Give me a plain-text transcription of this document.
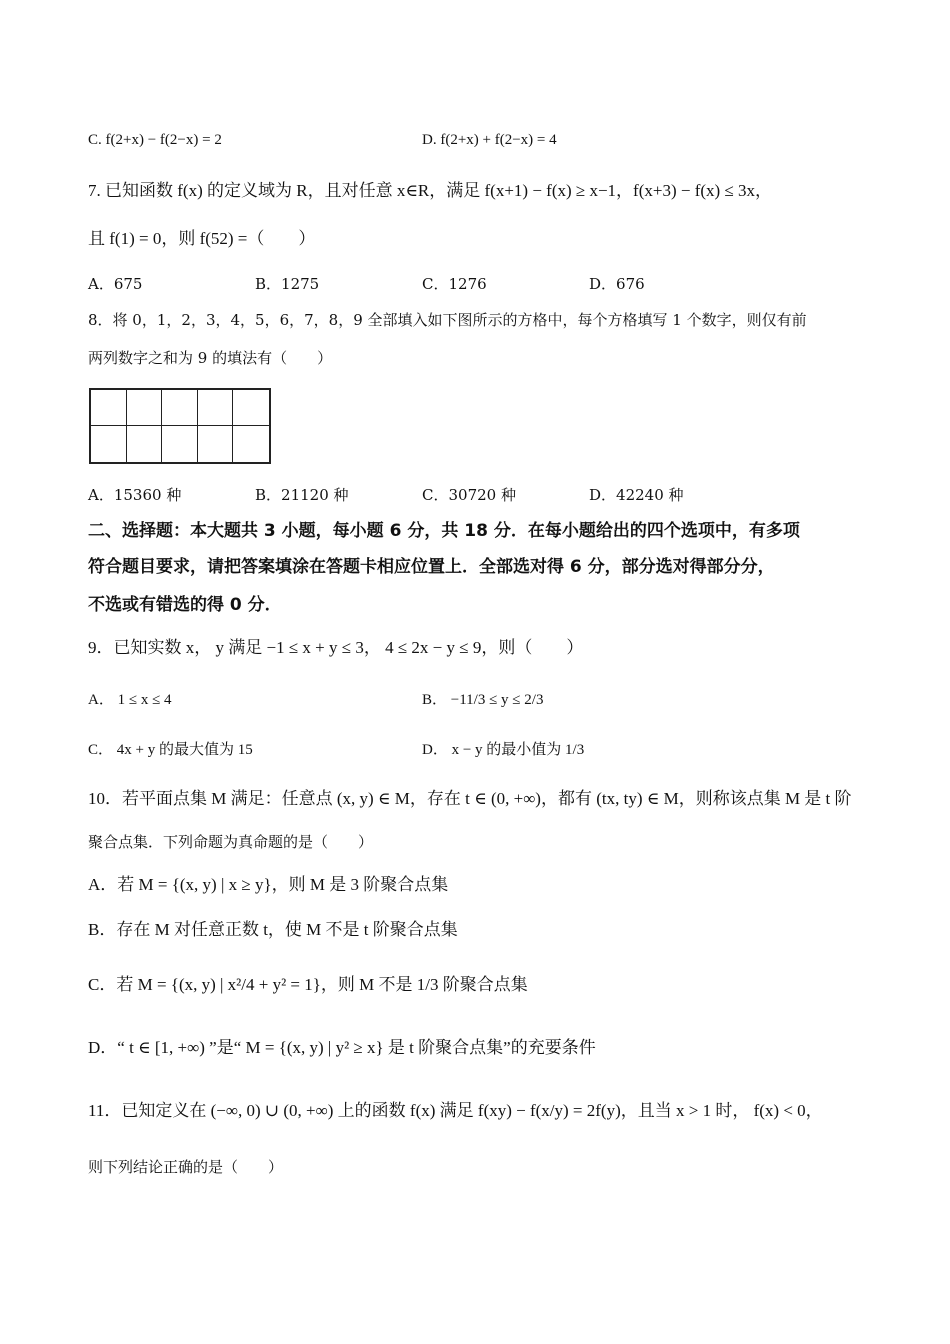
C. f(2+x) − f(2−x) = 2	D. f(2+x) + f(2−x) = 4
7. 已知函数 f(x) 的定义域为 R，且对任意 x∈R，满足 f(x+1) − f(x) ≥ x−1，f(x+3) − f(x) ≤ 3x，
且 f(1) = 0，则 f(52) =（　　）
A．675	B．1275	C．1276	D．676
8．将 0，1，2，3，4，5，6，7，8，9 全部填入如下图所示的方格中，每个方格填写 1 个数字，则仅有前
两列数字之和为 9 的填法有（　　）
A．15360 种	B．21120 种	C．30720 种	D．42240 种
二、选择题：本大题共 3 小题，每小题 6 分，共 18 分．在每小题给出的四个选项中，有多项
符合题目要求，请把答案填涂在答题卡相应位置上．全部选对得 6 分，部分选对得部分分，
不选或有错选的得 0 分．
9．已知实数 x， y 满足 −1 ≤ x + y ≤ 3， 4 ≤ 2x − y ≤ 9，则（　　）
A． 1 ≤ x ≤ 4	B． −11/3 ≤ y ≤ 2/3
C． 4x + y 的最大值为 15	D． x − y 的最小值为 1/3
10．若平面点集 M 满足：任意点 (x, y) ∈ M，存在 t ∈ (0, +∞)，都有 (tx, ty) ∈ M，则称该点集 M 是 t 阶
聚合点集．下列命题为真命题的是（　　）
A．若 M = {(x, y) | x ≥ y}，则 M 是 3 阶聚合点集
B．存在 M 对任意正数 t，使 M 不是 t 阶聚合点集
C．若 M = {(x, y) | x²/4 + y² = 1}，则 M 不是 1/3 阶聚合点集
D．“ t ∈ [1, +∞) ”是“ M = {(x, y) | y² ≥ x} 是 t 阶聚合点集”的充要条件
11．已知定义在 (−∞, 0) ∪ (0, +∞) 上的函数 f(x) 满足 f(xy) − f(x/y) = 2f(y)，且当 x > 1 时， f(x) < 0，
则下列结论正确的是（　　）
